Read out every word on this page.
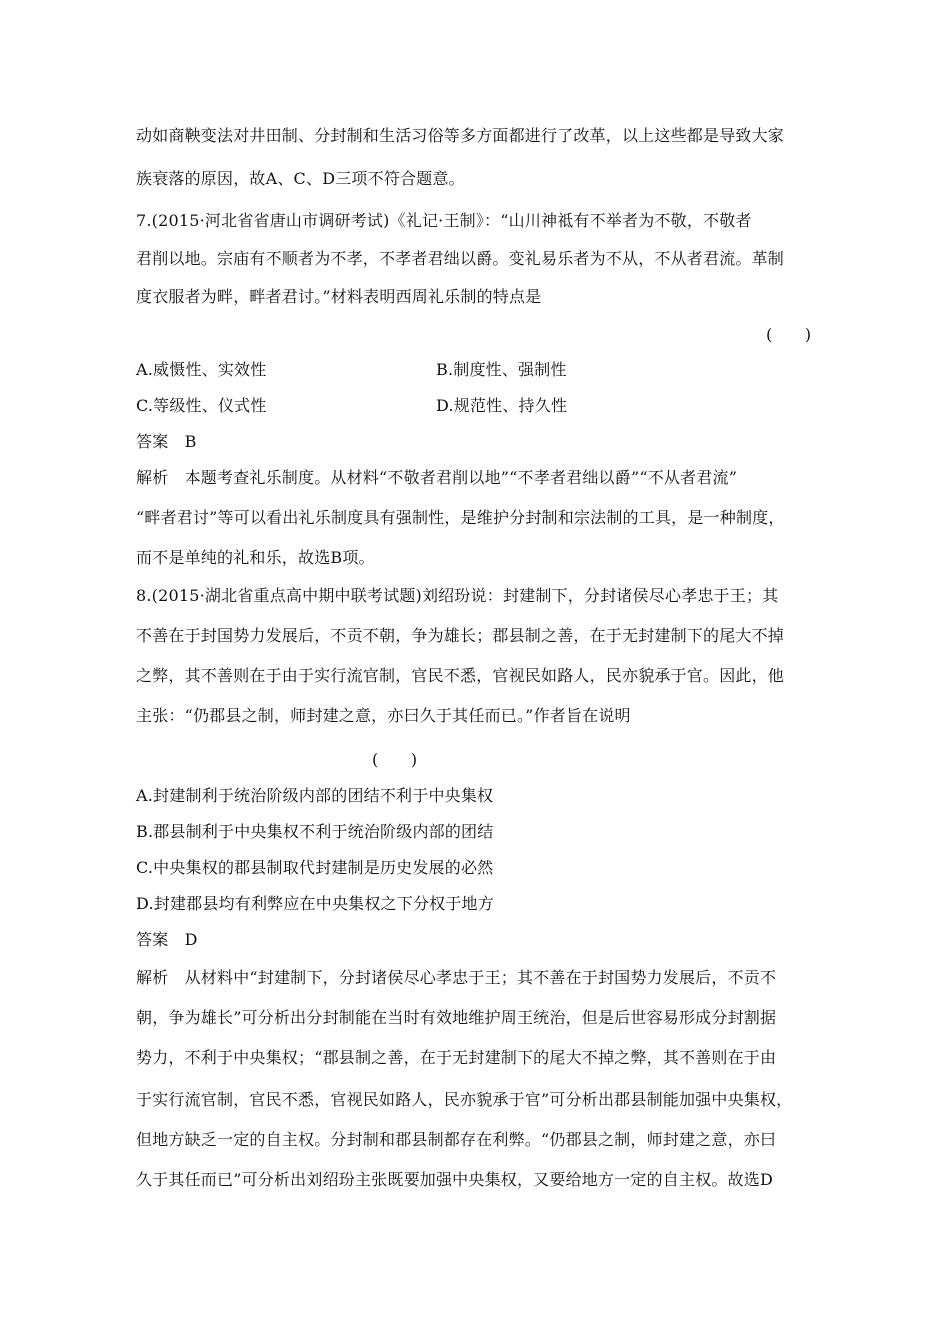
动如商鞅变法对井田制、分封制和生活习俗等多方面都进行了改革，以上这些都是导致大家
族衰落的原因，故A、C、D三项不符合题意。
7.(2015·河北省省唐山市调研考试)《礼记·王制》：“山川神祗有不举者为不敬，不敬者
君削以地。宗庙有不顺者为不孝，不孝者君绌以爵。变礼易乐者为不从，不从者君流。革制
度衣服者为畔，畔者君讨。”材料表明西周礼乐制的特点是
(　　)
A.威慑性、实效性	B.制度性、强制性
C.等级性、仪式性	D.规范性、持久性
答案　B
解析　本题考查礼乐制度。从材料“不敬者君削以地”“不孝者君绌以爵”“不从者君流”
“畔者君讨”等可以看出礼乐制度具有强制性，是维护分封制和宗法制的工具，是一种制度，
而不是单纯的礼和乐，故选B项。
8.(2015·湖北省重点高中期中联考试题)刘绍玢说：封建制下，分封诸侯尽心孝忠于王；其
不善在于封国势力发展后，不贡不朝，争为雄长；郡县制之善，在于无封建制下的尾大不掉
之弊，其不善则在于由于实行流官制，官民不悉，官视民如路人，民亦貌承于官。因此，他
主张：“仍郡县之制，师封建之意，亦曰久于其任而已。”作者旨在说明
(　　)
A.封建制利于统治阶级内部的团结不利于中央集权
B.郡县制利于中央集权不利于统治阶级内部的团结
C.中央集权的郡县制取代封建制是历史发展的必然
D.封建郡县均有利弊应在中央集权之下分权于地方
答案　D
解析　从材料中“封建制下，分封诸侯尽心孝忠于王；其不善在于封国势力发展后，不贡不
朝，争为雄长”可分析出分封制能在当时有效地维护周王统治，但是后世容易形成分封割据
势力，不利于中央集权；“郡县制之善，在于无封建制下的尾大不掉之弊，其不善则在于由
于实行流官制，官民不悉，官视民如路人，民亦貌承于官”可分析出郡县制能加强中央集权，
但地方缺乏一定的自主权。分封制和郡县制都存在利弊。“仍郡县之制，师封建之意，亦曰
久于其任而已”可分析出刘绍玢主张既要加强中央集权，又要给地方一定的自主权。故选D
